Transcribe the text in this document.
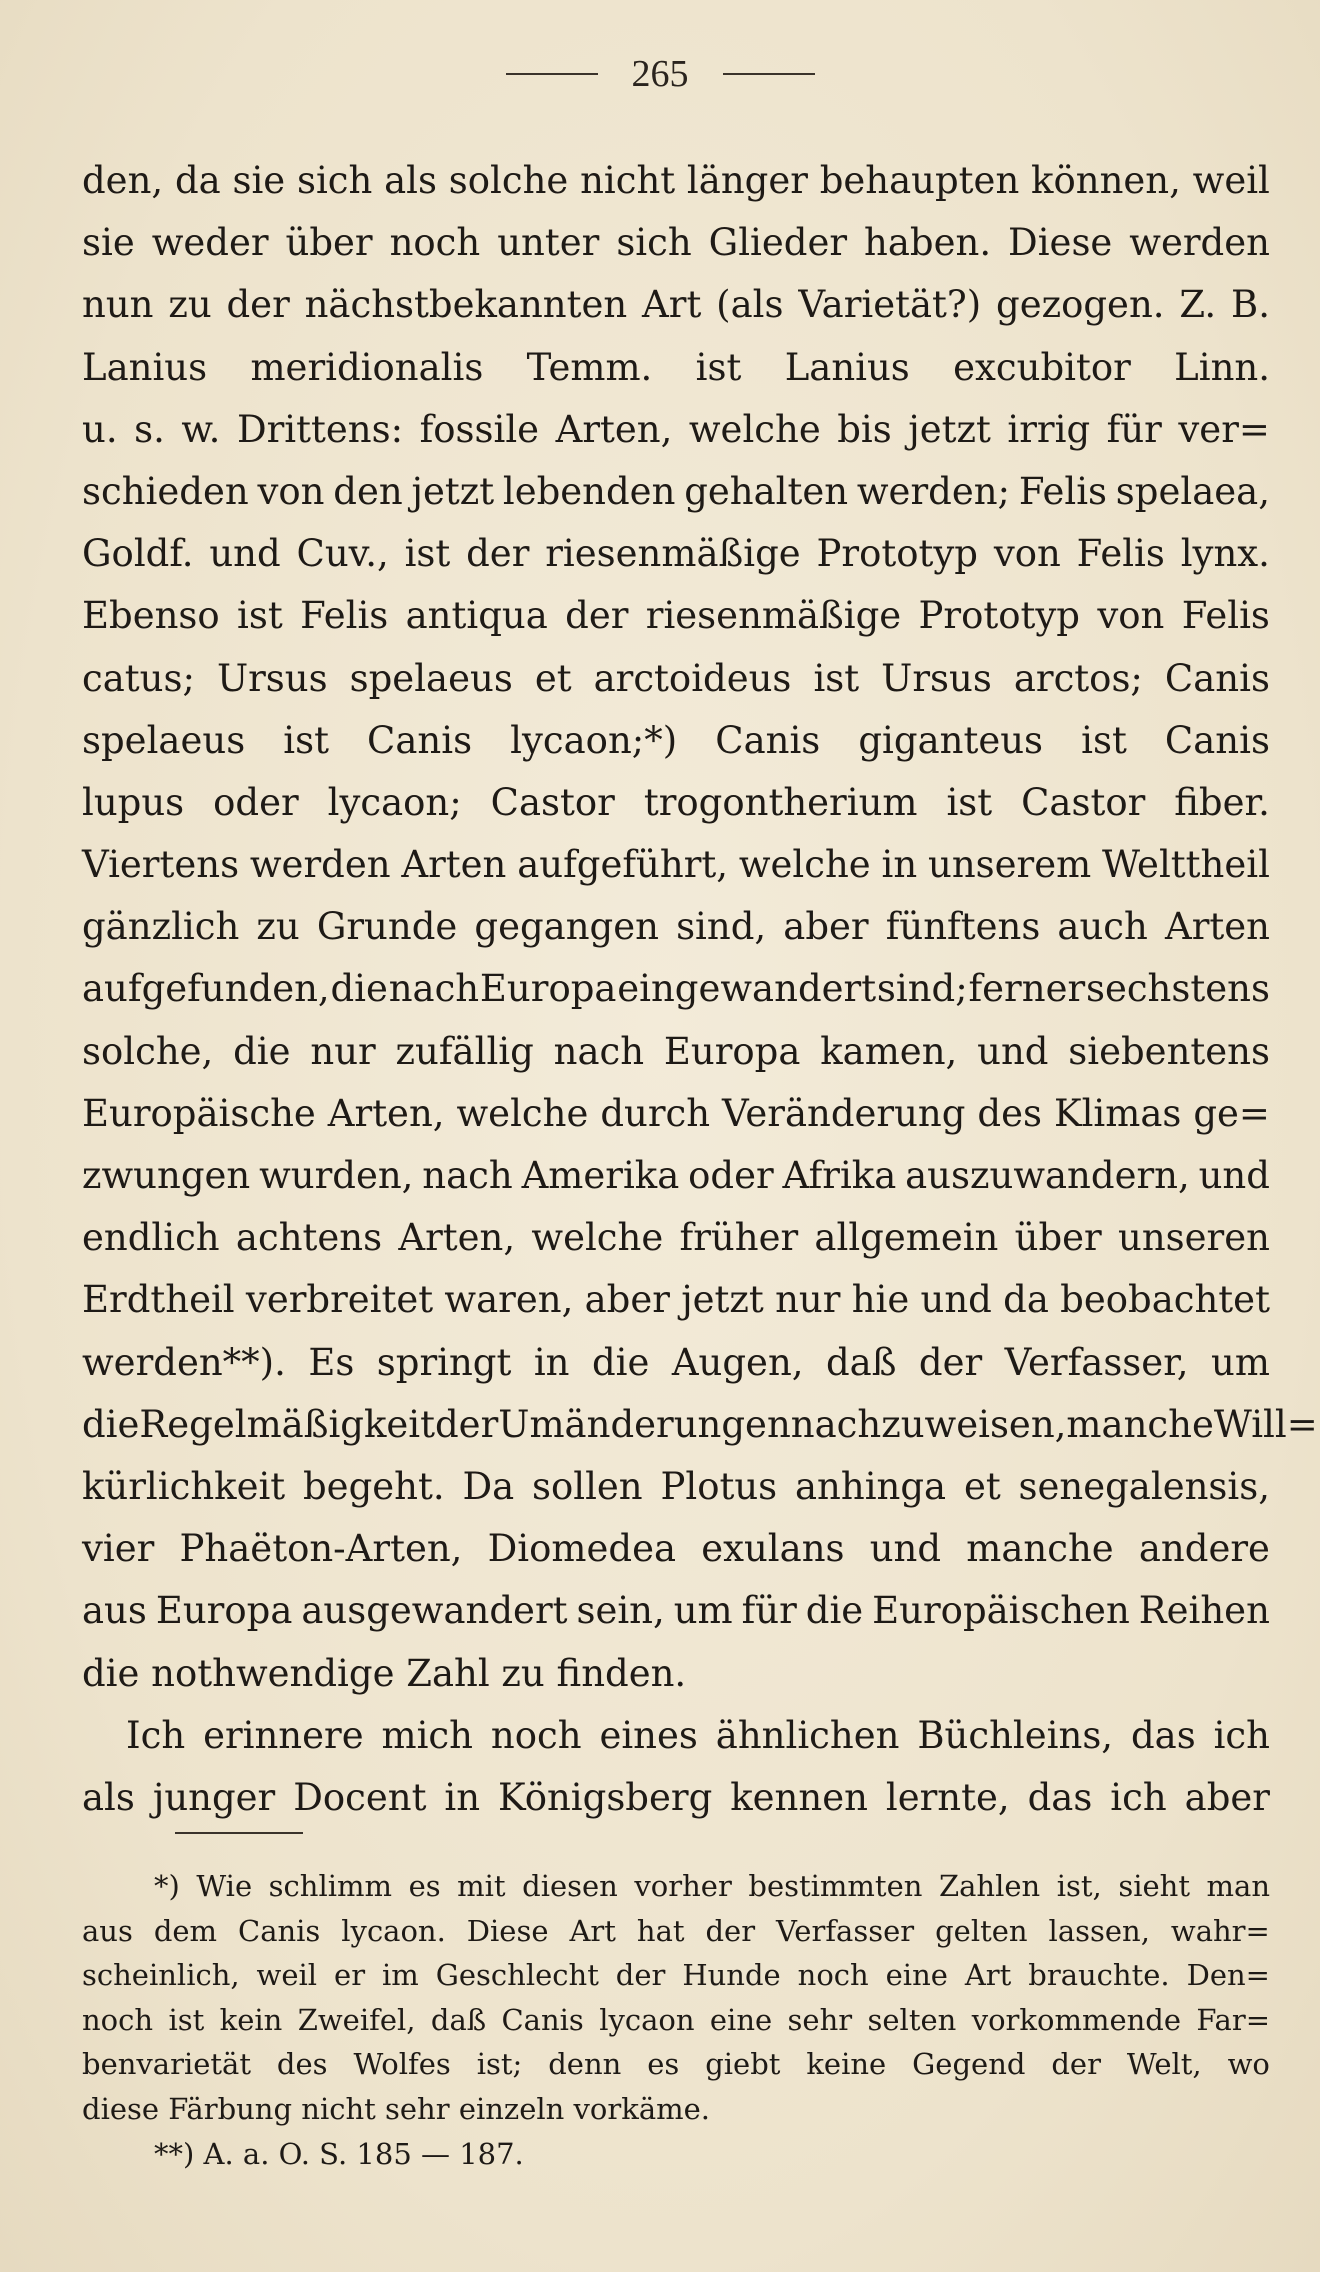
265
den, da sie sich als solche nicht länger behaupten können, weil
sie weder über noch unter sich Glieder haben. Diese werden
nun zu der nächstbekannten Art (als Varietät?) gezogen. Z. B.
Lanius meridionalis Temm. ist Lanius excubitor Linn.
u. s. w. Drittens: fossile Arten, welche bis jetzt irrig für ver=
schieden von den jetzt lebenden gehalten werden; Felis spelaea,
Goldf. und Cuv., ist der riesenmäßige Prototyp von Felis lynx.
Ebenso ist Felis antiqua der riesenmäßige Prototyp von Felis
catus; Ursus spelaeus et arctoideus ist Ursus arctos; Canis
spelaeus ist Canis lycaon;*) Canis giganteus ist Canis
lupus oder lycaon; Castor trogontherium ist Castor fiber.
Viertens werden Arten aufgeführt, welche in unserem Welttheil
gänzlich zu Grunde gegangen sind, aber fünftens auch Arten
aufgefunden, die nach Europa eingewandert sind; ferner sechstens
solche, die nur zufällig nach Europa kamen, und siebentens
Europäische Arten, welche durch Veränderung des Klimas ge=
zwungen wurden, nach Amerika oder Afrika auszuwandern, und
endlich achtens Arten, welche früher allgemein über unseren
Erdtheil verbreitet waren, aber jetzt nur hie und da beobachtet
werden**). Es springt in die Augen, daß der Verfasser, um
die Regelmäßigkeit der Umänderungen nachzuweisen, manche Will=
kürlichkeit begeht. Da sollen Plotus anhinga et senegalensis,
vier Phaëton-Arten, Diomedea exulans und manche andere
aus Europa ausgewandert sein, um für die Europäischen Reihen
die nothwendige Zahl zu finden.
Ich erinnere mich noch eines ähnlichen Büchleins, das ich
als junger Docent in Königsberg kennen lernte, das ich aber
*) Wie schlimm es mit diesen vorher bestimmten Zahlen ist, sieht man
aus dem Canis lycaon. Diese Art hat der Verfasser gelten lassen, wahr=
scheinlich, weil er im Geschlecht der Hunde noch eine Art brauchte. Den=
noch ist kein Zweifel, daß Canis lycaon eine sehr selten vorkommende Far=
benvarietät des Wolfes ist; denn es giebt keine Gegend der Welt, wo
diese Färbung nicht sehr einzeln vorkäme.
**) A. a. O. S. 185 — 187.
